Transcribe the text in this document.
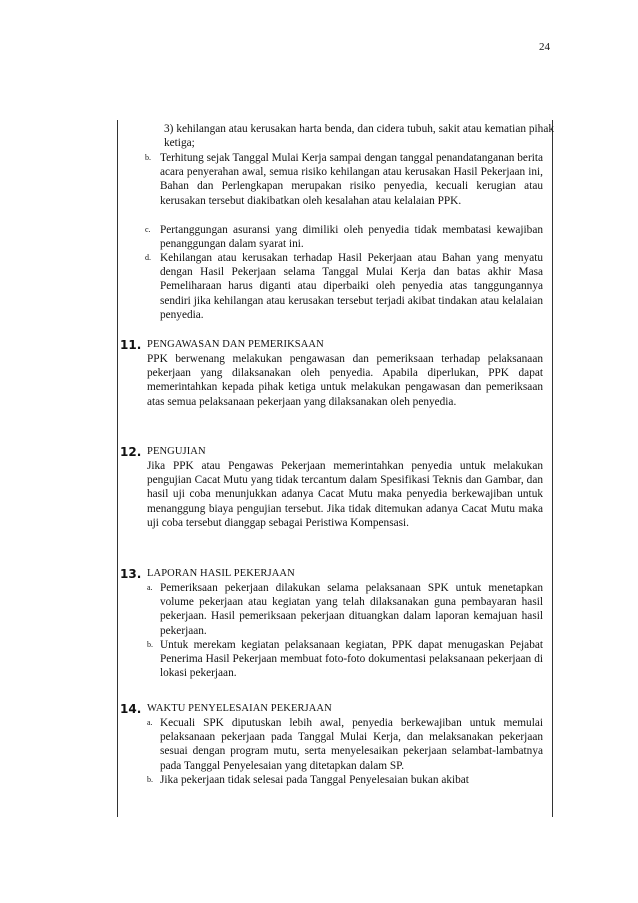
24

3) kehilangan atau kerusakan harta benda, dan cidera tubuh, sakit atau kematian pihak ketiga;

b. Terhitung sejak Tanggal Mulai Kerja sampai dengan tanggal penandatanganan berita acara penyerahan awal, semua risiko kehilangan atau kerusakan Hasil Pekerjaan ini, Bahan dan Perlengkapan merupakan risiko penyedia, kecuali kerugian atau kerusakan tersebut diakibatkan oleh kesalahan atau kelalaian PPK.

c. Pertanggungan asuransi yang dimiliki oleh penyedia tidak membatasi kewajiban penanggungan dalam syarat ini.

d. Kehilangan atau kerusakan terhadap Hasil Pekerjaan atau Bahan yang menyatu dengan Hasil Pekerjaan selama Tanggal Mulai Kerja dan batas akhir Masa Pemeliharaan harus diganti atau diperbaiki oleh penyedia atas tanggungannya sendiri jika kehilangan atau kerusakan tersebut terjadi akibat tindakan atau kelalaian penyedia.

11. PENGAWASAN DAN PEMERIKSAAN

PPK berwenang melakukan pengawasan dan pemeriksaan terhadap pelaksanaan pekerjaan yang dilaksanakan oleh penyedia. Apabila diperlukan, PPK dapat memerintahkan kepada pihak ketiga untuk melakukan pengawasan dan pemeriksaan atas semua pelaksanaan pekerjaan yang dilaksanakan oleh penyedia.

12. PENGUJIAN

Jika PPK atau Pengawas Pekerjaan memerintahkan penyedia untuk melakukan pengujian Cacat Mutu yang tidak tercantum dalam Spesifikasi Teknis dan Gambar, dan hasil uji coba menunjukkan adanya Cacat Mutu maka penyedia berkewajiban untuk menanggung biaya pengujian tersebut. Jika tidak ditemukan adanya Cacat Mutu maka uji coba tersebut dianggap sebagai Peristiwa Kompensasi.

13. LAPORAN HASIL PEKERJAAN
a. Pemeriksaan pekerjaan dilakukan selama pelaksanaan SPK untuk menetapkan volume pekerjaan atau kegiatan yang telah dilaksanakan guna pembayaran hasil pekerjaan. Hasil pemeriksaan pekerjaan dituangkan dalam laporan kemajuan hasil pekerjaan.

b. Untuk merekam kegiatan pelaksanaan kegiatan, PPK dapat menugaskan Pejabat Penerima Hasil Pekerjaan membuat foto-foto dokumentasi pelaksanaan pekerjaan di lokasi pekerjaan.

14. WAKTU PENYELESAIAN PEKERJAAN
a. Kecuali SPK diputuskan lebih awal, penyedia berkewajiban untuk memulai pelaksanaan pekerjaan pada Tanggal Mulai Kerja, dan melaksanakan pekerjaan sesuai dengan program mutu, serta menyelesaikan pekerjaan selambat-lambatnya pada Tanggal Penyelesaian yang ditetapkan dalam SP.

b. Jika pekerjaan tidak selesai pada Tanggal Penyelesaian bukan akibat
